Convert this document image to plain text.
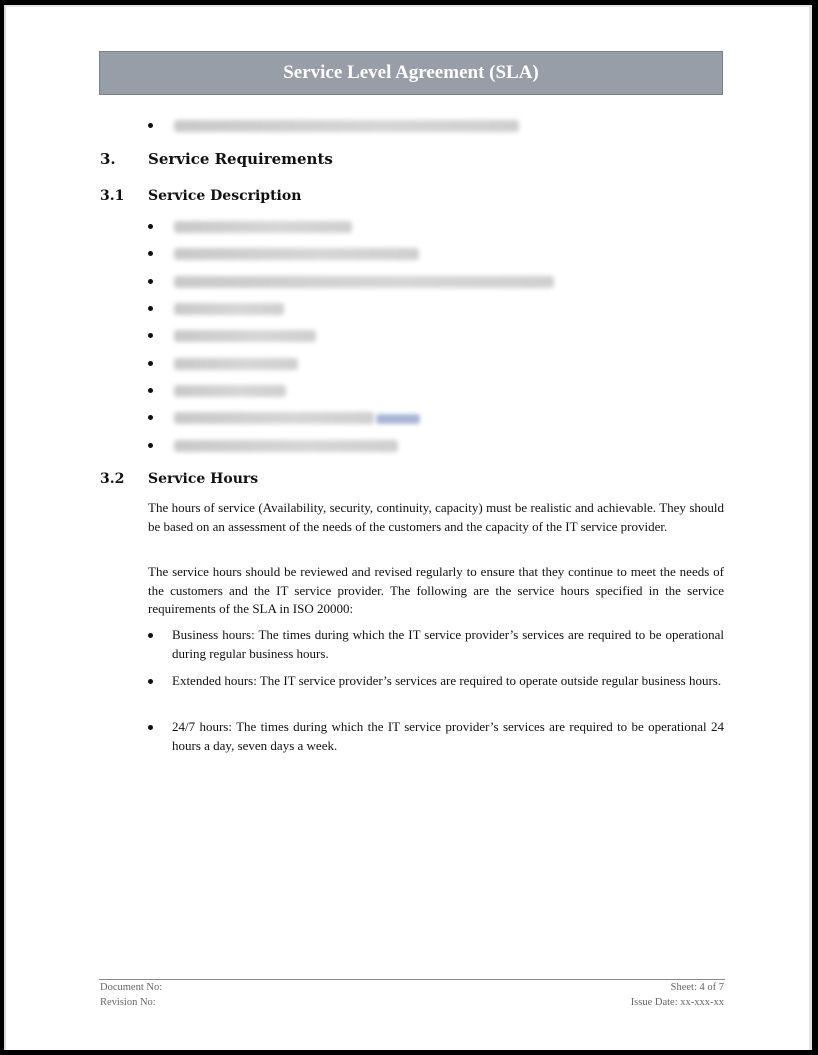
Service Level Agreement (SLA)
3. Service Requirements
3.1 Service Description
3.2 Service Hours
The hours of service (Availability, security, continuity, capacity) must be realistic and achievable. They should be based on an assessment of the needs of the customers and the capacity of the IT service provider.
The service hours should be reviewed and revised regularly to ensure that they continue to meet the needs of the customers and the IT service provider. The following are the service hours specified in the service requirements of the SLA in ISO 20000:
Business hours: The times during which the IT service provider’s services are required to be operational during regular business hours.
Extended hours: The IT service provider’s services are required to operate outside regular business hours.
24/7 hours: The times during which the IT service provider’s services are required to be operational 24 hours a day, seven days a week.
Document No:
Revision No:
Sheet: 4 of 7
Issue Date: xx-xxx-xx
